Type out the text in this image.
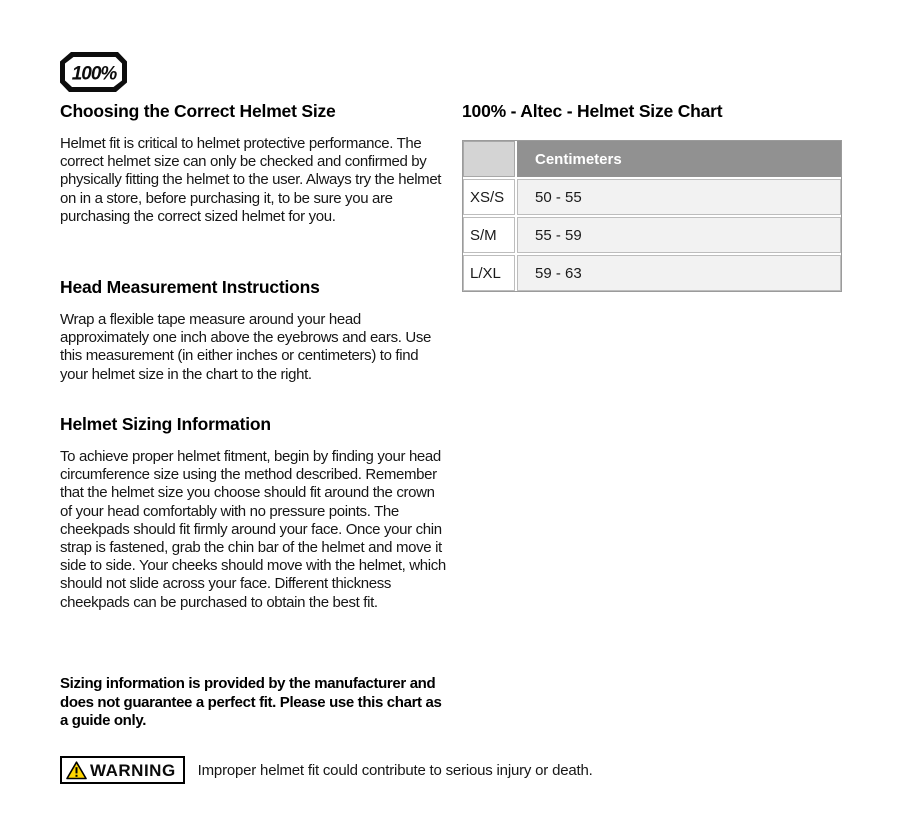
100%
Choosing the Correct Helmet Size

Helmet fit is critical to helmet protective performance. The correct helmet size can only be checked and confirmed by physically fitting the helmet to the user. Always try the helmet on in a store, before purchasing it, to be sure you are purchasing the correct sized helmet for you.

Head Measurement Instructions

Wrap a flexible tape measure around your head approximately one inch above the eyebrows and ears. Use this measurement (in either inches or centimeters) to find your helmet size in the chart to the right.

Helmet Sizing Information

To achieve proper helmet fitment, begin by finding your head circumference size using the method described. Remember that the helmet size you choose should fit around the crown of your head comfortably with no pressure points. The cheekpads should fit firmly around your face. Once your chin strap is fastened, grab the chin bar of the helmet and move it side to side. Your cheeks should move with the helmet, which should not slide across your face. Different thickness cheekpads can be purchased to obtain the best fit.

Sizing information is provided by the manufacturer and does not guarantee a perfect fit. Please use this chart as a guide only.
WARNING Improper helmet fit could contribute to serious injury or death.
100% - Altec - Helmet Size Chart
Centimeters
XS/S	50 - 55
S/M	55 - 59
L/XL	59 - 63
